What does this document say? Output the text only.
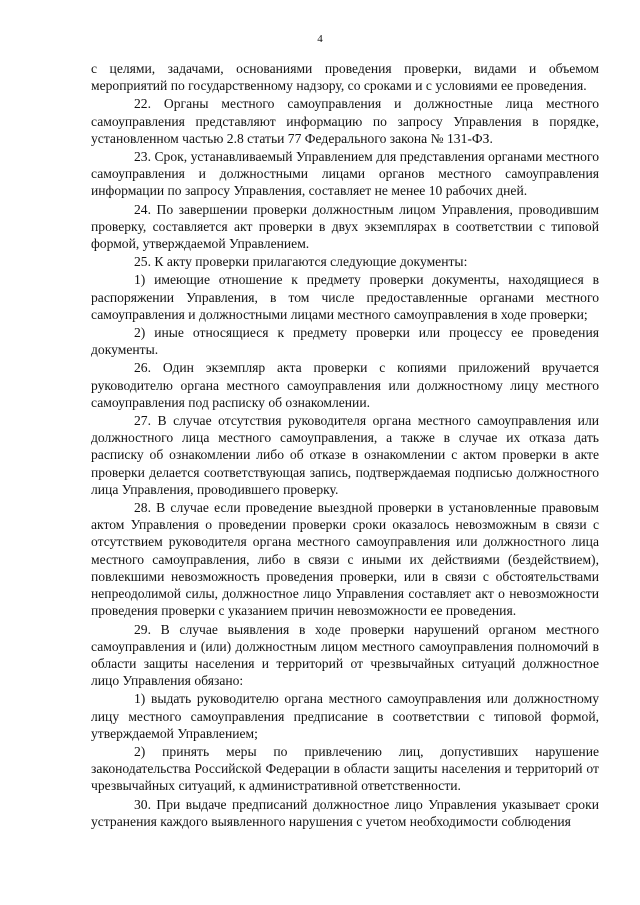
4

с целями, задачами, основаниями проведения проверки, видами и объемом мероприятий по государственному надзору, со сроками и с условиями ее проведения.

22. Органы местного самоуправления и должностные лица местного самоуправления представляют информацию по запросу Управления в порядке, установленном частью 2.8 статьи 77 Федерального закона № 131-ФЗ.

23. Срок, устанавливаемый Управлением для представления органами местного самоуправления и должностными лицами органов местного самоуправления информации по запросу Управления, составляет не менее 10 рабочих дней.

24. По завершении проверки должностным лицом Управления, проводившим проверку, составляется акт проверки в двух экземплярах в соответствии с типовой формой, утверждаемой Управлением.

25. К акту проверки прилагаются следующие документы:

1) имеющие отношение к предмету проверки документы, находящиеся в распоряжении Управления, в том числе предоставленные органами местного самоуправления и должностными лицами местного самоуправления в ходе проверки;

2) иные относящиеся к предмету проверки или процессу ее проведения документы.

26. Один экземпляр акта проверки с копиями приложений вручается руководителю органа местного самоуправления или должностному лицу местного самоуправления под расписку об ознакомлении.

27. В случае отсутствия руководителя органа местного самоуправления или должностного лица местного самоуправления, а также в случае их отказа дать расписку об ознакомлении либо об отказе в ознакомлении с актом проверки в акте проверки делается соответствующая запись, подтверждаемая подписью должностного лица Управления, проводившего проверку.

28. В случае если проведение выездной проверки в установленные правовым актом Управления о проведении проверки сроки оказалось невозможным в связи с отсутствием руководителя органа местного самоуправления или должностного лица местного самоуправления, либо в связи с иными их действиями (бездействием), повлекшими невозможность проведения проверки, или в связи с обстоятельствами непреодолимой силы, должностное лицо Управления составляет акт о невозможности проведения проверки с указанием причин невозможности ее проведения.

29. В случае выявления в ходе проверки нарушений органом местного самоуправления и (или) должностным лицом местного самоуправления полномочий в области защиты населения и территорий от чрезвычайных ситуаций должностное лицо Управления обязано:

1) выдать руководителю органа местного самоуправления или должностному лицу местного самоуправления предписание в соответствии с типовой формой, утверждаемой Управлением;

2) принять меры по привлечению лиц, допустивших нарушение законодательства Российской Федерации в области защиты населения и территорий от чрезвычайных ситуаций, к административной ответственности.

30. При выдаче предписаний должностное лицо Управления указывает сроки устранения каждого выявленного нарушения с учетом необходимости соблюдения
